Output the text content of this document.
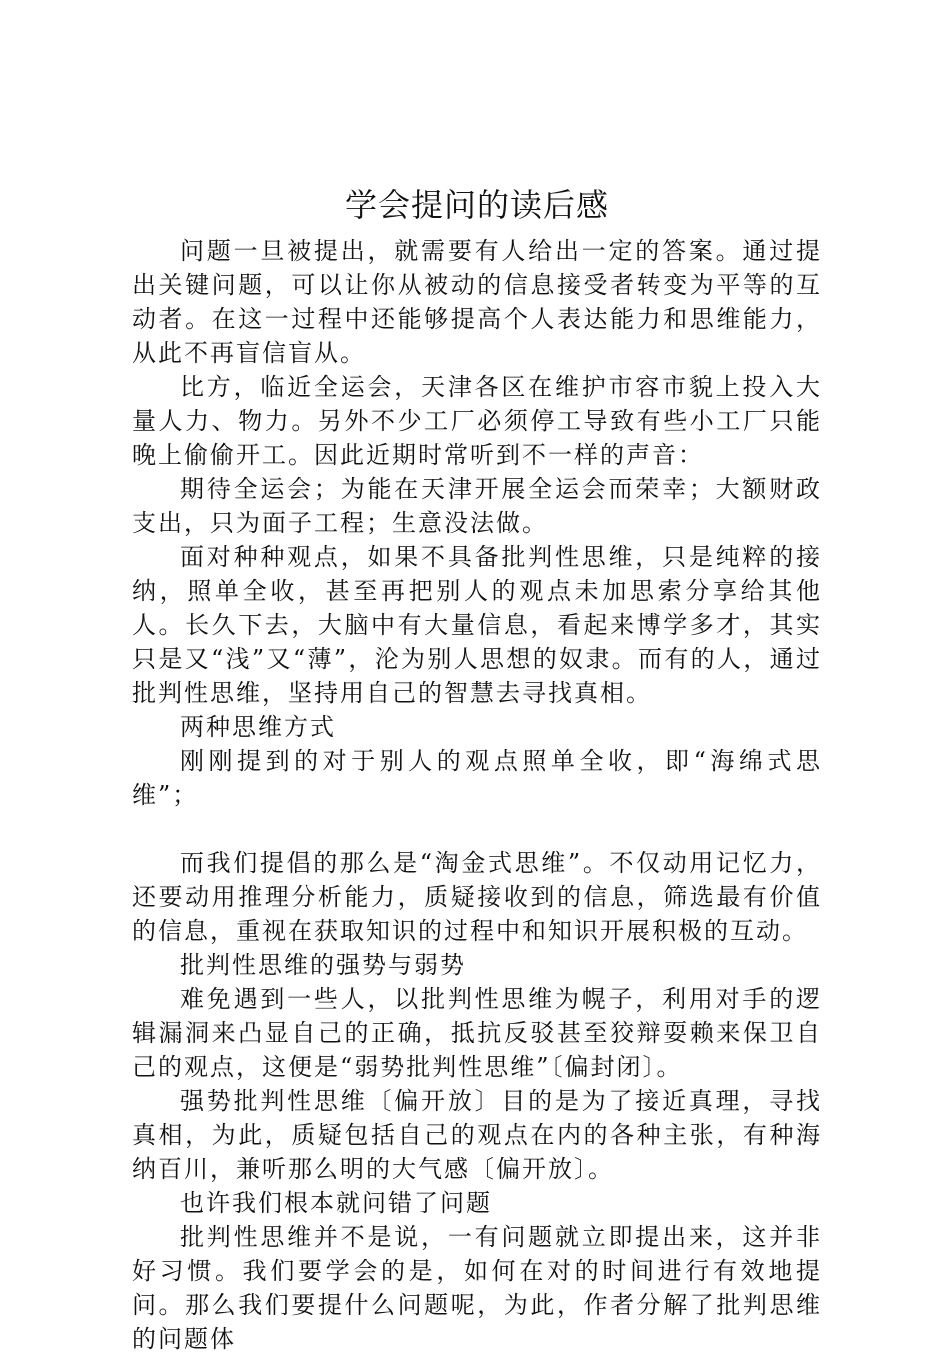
学会提问的读后感

问题一旦被提出，就需要有人给出一定的答案。通过提出关键问题，可以让你从被动的信息接受者转变为平等的互动者。在这一过程中还能够提高个人表达能力和思维能力，从此不再盲信盲从。

比方，临近全运会，天津各区在维护市容市貌上投入大量人力、物力。另外不少工厂必须停工导致有些小工厂只能晚上偷偷开工。因此近期时常听到不一样的声音：

期待全运会；为能在天津开展全运会而荣幸；大额财政支出，只为面子工程；生意没法做。

面对种种观点，如果不具备批判性思维，只是纯粹的接纳，照单全收，甚至再把别人的观点未加思索分享给其他人。长久下去，大脑中有大量信息，看起来博学多才，其实只是又“浅”又“薄”，沦为别人思想的奴隶。而有的人，通过批判性思维，坚持用自己的智慧去寻找真相。

两种思维方式

刚刚提到的对于别人的观点照单全收，即“海绵式思维”；

而我们提倡的那么是“淘金式思维”。不仅动用记忆力，还要动用推理分析能力，质疑接收到的信息，筛选最有价值的信息，重视在获取知识的过程中和知识开展积极的互动。

批判性思维的强势与弱势

难免遇到一些人，以批判性思维为幌子，利用对手的逻辑漏洞来凸显自己的正确，抵抗反驳甚至狡辩耍赖来保卫自己的观点，这便是“弱势批判性思维”〔偏封闭〕。

强势批判性思维〔偏开放〕目的是为了接近真理，寻找真相，为此，质疑包括自己的观点在内的各种主张，有种海纳百川，兼听那么明的大气感〔偏开放〕。

也许我们根本就问错了问题

批判性思维并不是说，一有问题就立即提出来，这并非好习惯。我们要学会的是，如何在对的时间进行有效地提问。那么我们要提什么问题呢，为此，作者分解了批判思维的问题体
